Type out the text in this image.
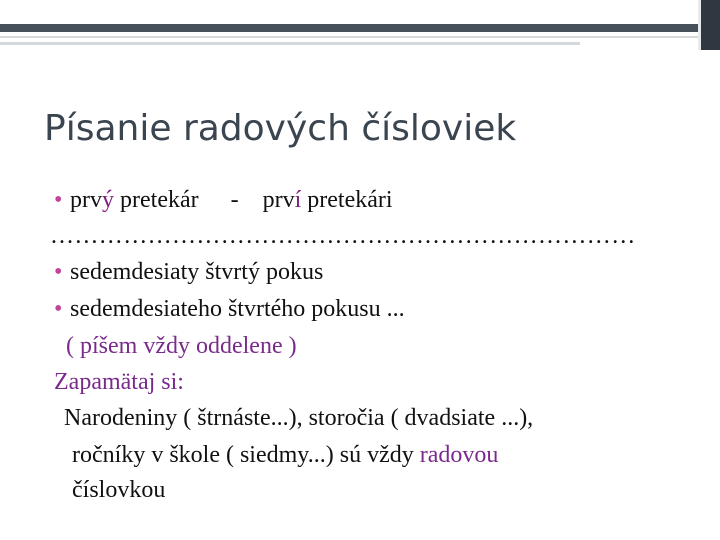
Písanie radových čísloviek

• prvý pretekár - prví pretekári

………………………………………………………………

• sedemdesiaty štvrtý pokus

• sedemdesiateho štvrtého pokusu ...

( píšem vždy oddelene )

Zapamätaj si:

Narodeniny ( štrnáste...), storočia ( dvadsiate ...),

ročníky v škole ( siedmy...) sú vždy radovou

číslovkou
